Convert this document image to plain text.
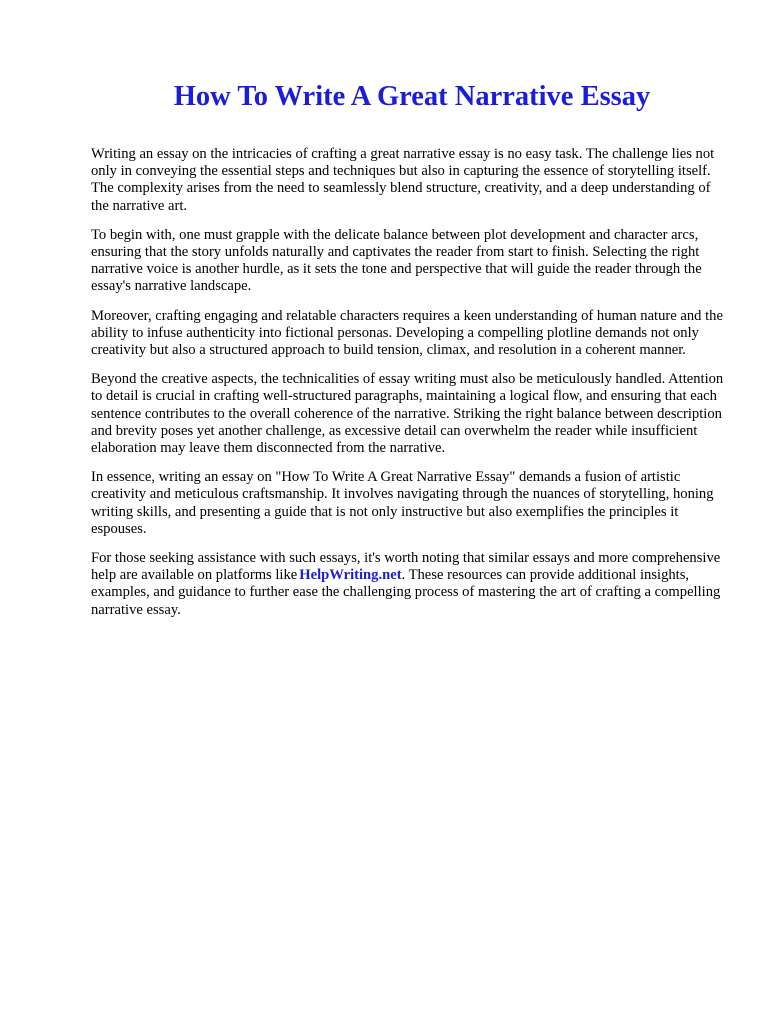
How To Write A Great Narrative Essay

Writing an essay on the intricacies of crafting a great narrative essay is no easy task. The challenge lies not only in conveying the essential steps and techniques but also in capturing the essence of storytelling itself. The complexity arises from the need to seamlessly blend structure, creativity, and a deep understanding of the narrative art.

To begin with, one must grapple with the delicate balance between plot development and character arcs, ensuring that the story unfolds naturally and captivates the reader from start to finish. Selecting the right narrative voice is another hurdle, as it sets the tone and perspective that will guide the reader through the essay's narrative landscape.

Moreover, crafting engaging and relatable characters requires a keen understanding of human nature and the ability to infuse authenticity into fictional personas. Developing a compelling plotline demands not only creativity but also a structured approach to build tension, climax, and resolution in a coherent manner.

Beyond the creative aspects, the technicalities of essay writing must also be meticulously handled. Attention to detail is crucial in crafting well-structured paragraphs, maintaining a logical flow, and ensuring that each sentence contributes to the overall coherence of the narrative. Striking the right balance between description and brevity poses yet another challenge, as excessive detail can overwhelm the reader while insufficient elaboration may leave them disconnected from the narrative.

In essence, writing an essay on "How To Write A Great Narrative Essay" demands a fusion of artistic creativity and meticulous craftsmanship. It involves navigating through the nuances of storytelling, honing writing skills, and presenting a guide that is not only instructive but also exemplifies the principles it espouses.

For those seeking assistance with such essays, it's worth noting that similar essays and more comprehensive help are available on platforms like HelpWriting.net. These resources can provide additional insights, examples, and guidance to further ease the challenging process of mastering the art of crafting a compelling narrative essay.
